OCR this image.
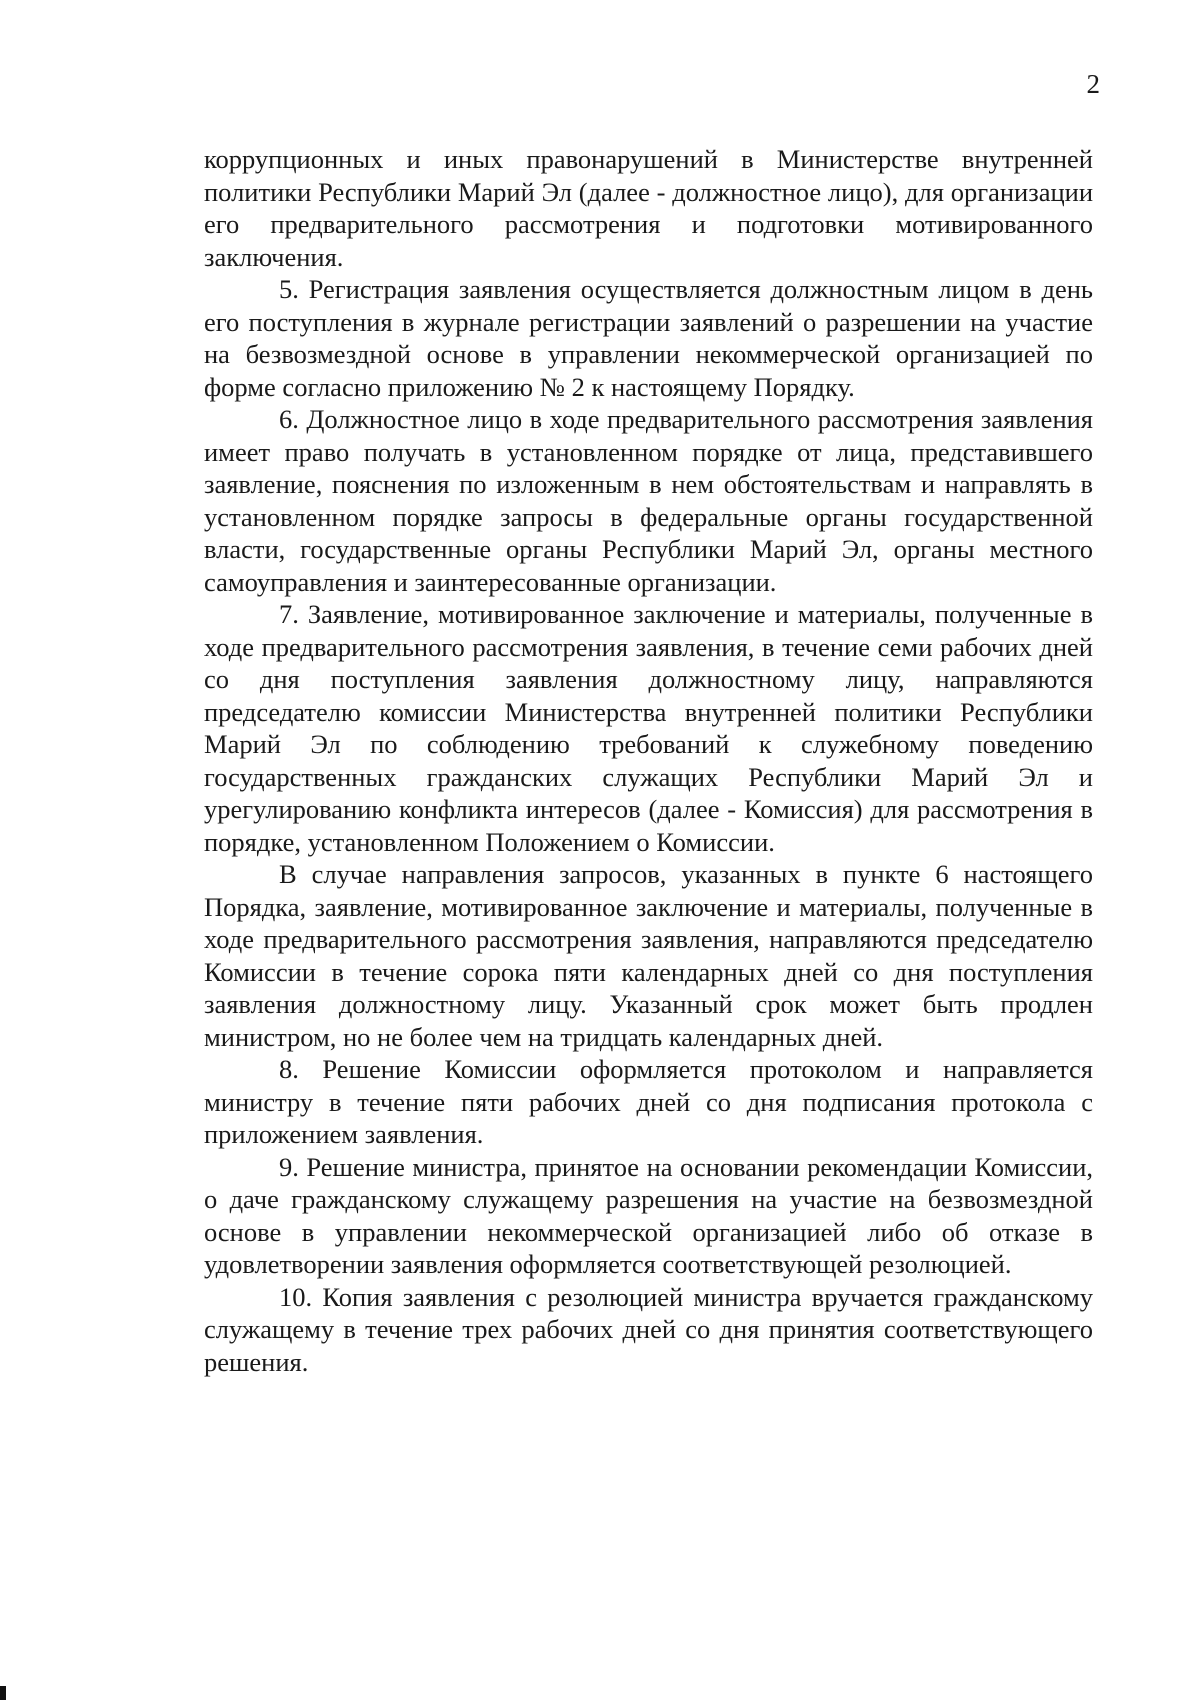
2

коррупционных и иных правонарушений в Министерстве внутренней политики Республики Марий Эл (далее - должностное лицо), для организации его предварительного рассмотрения и подготовки мотивированного заключения.

5. Регистрация заявления осуществляется должностным лицом в день его поступления в журнале регистрации заявлений о разрешении на участие на безвозмездной основе в управлении некоммерческой организацией по форме согласно приложению № 2 к настоящему Порядку.

6. Должностное лицо в ходе предварительного рассмотрения заявления имеет право получать в установленном порядке от лица, представившего заявление, пояснения по изложенным в нем обстоятельствам и направлять в установленном порядке запросы в федеральные органы государственной власти, государственные органы Республики Марий Эл, органы местного самоуправления и заинтересованные организации.

7. Заявление, мотивированное заключение и материалы, полученные в ходе предварительного рассмотрения заявления, в течение семи рабочих дней со дня поступления заявления должностному лицу, направляются председателю комиссии Министерства внутренней политики Республики Марий Эл по соблюдению требований к служебному поведению государственных гражданских служащих Республики Марий Эл и урегулированию конфликта интересов (далее - Комиссия) для рассмотрения в порядке, установленном Положением о Комиссии.

В случае направления запросов, указанных в пункте 6 настоящего Порядка, заявление, мотивированное заключение и материалы, полученные в ходе предварительного рассмотрения заявления, направляются председателю Комиссии в течение сорока пяти календарных дней со дня поступления заявления должностному лицу. Указанный срок может быть продлен министром, но не более чем на тридцать календарных дней.

8. Решение Комиссии оформляется протоколом и направляется министру в течение пяти рабочих дней со дня подписания протокола с приложением заявления.

9. Решение министра, принятое на основании рекомендации Комиссии, о даче гражданскому служащему разрешения на участие на безвозмездной основе в управлении некоммерческой организацией либо об отказе в удовлетворении заявления оформляется соответствующей резолюцией.

10. Копия заявления с резолюцией министра вручается гражданскому служащему в течение трех рабочих дней со дня принятия соответствующего решения.
